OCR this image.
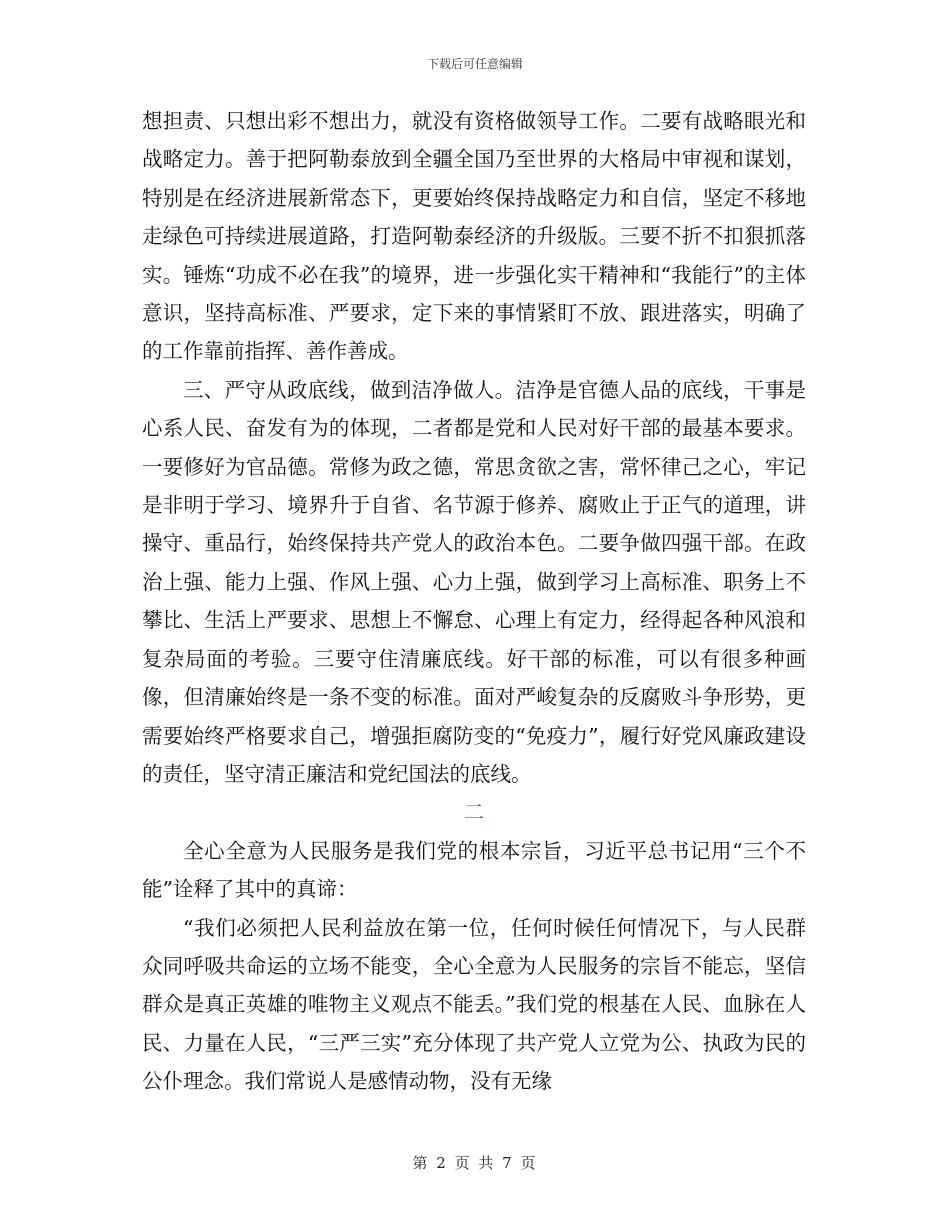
下载后可任意编辑

想担责、只想出彩不想出力，就没有资格做领导工作。二要有战略眼光和战略定力。善于把阿勒泰放到全疆全国乃至世界的大格局中审视和谋划，特别是在经济进展新常态下，更要始终保持战略定力和自信，坚定不移地走绿色可持续进展道路，打造阿勒泰经济的升级版。三要不折不扣狠抓落实。锤炼“功成不必在我”的境界，进一步强化实干精神和“我能行”的主体意识，坚持高标准、严要求，定下来的事情紧盯不放、跟进落实，明确了的工作靠前指挥、善作善成。

三、严守从政底线，做到洁净做人。洁净是官德人品的底线，干事是心系人民、奋发有为的体现，二者都是党和人民对好干部的最基本要求。一要修好为官品德。常修为政之德，常思贪欲之害，常怀律己之心，牢记是非明于学习、境界升于自省、名节源于修养、腐败止于正气的道理，讲操守、重品行，始终保持共产党人的政治本色。二要争做四强干部。在政治上强、能力上强、作风上强、心力上强，做到学习上高标准、职务上不攀比、生活上严要求、思想上不懈怠、心理上有定力，经得起各种风浪和复杂局面的考验。三要守住清廉底线。好干部的标准，可以有很多种画像，但清廉始终是一条不变的标准。面对严峻复杂的反腐败斗争形势，更需要始终严格要求自己，增强拒腐防变的“免疫力”，履行好党风廉政建设的责任，坚守清正廉洁和党纪国法的底线。

二

全心全意为人民服务是我们党的根本宗旨，习近平总书记用“三个不能”诠释了其中的真谛：

“我们必须把人民利益放在第一位，任何时候任何情况下，与人民群众同呼吸共命运的立场不能变，全心全意为人民服务的宗旨不能忘，坚信群众是真正英雄的唯物主义观点不能丢。”我们党的根基在人民、血脉在人民、力量在人民，“三严三实”充分体现了共产党人立党为公、执政为民的公仆理念。我们常说人是感情动物，没有无缘

第 2 页 共 7 页
